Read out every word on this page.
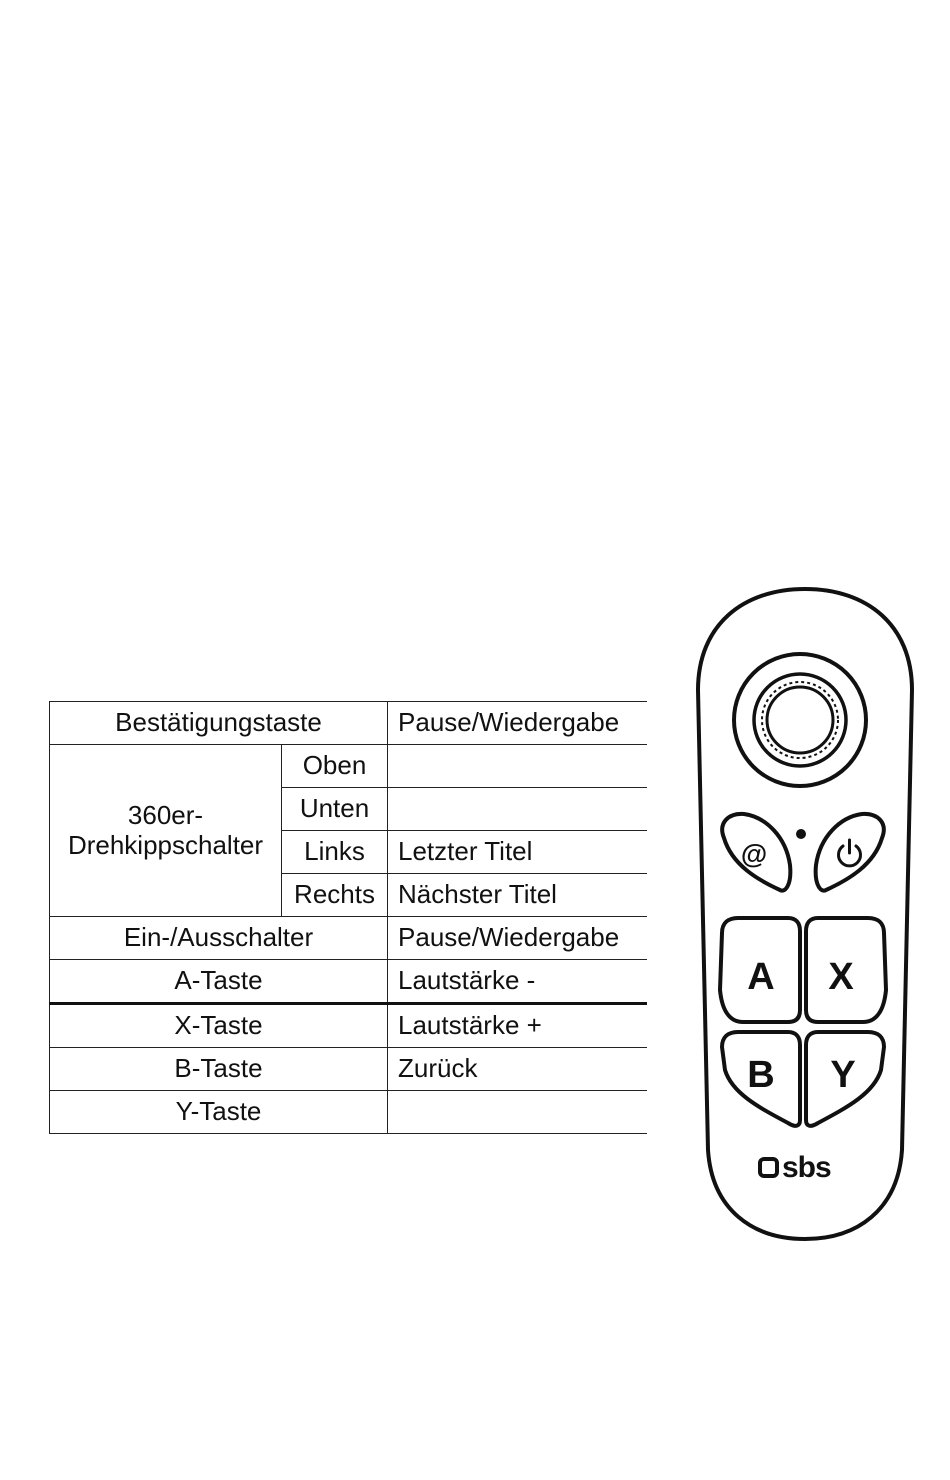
Bestätigungstaste		Pause/Wiedergabe
360er-
Drehkippschalter	Oben	
	Unten	
	Links	Letzter Titel
	Rechts	Nächster Titel
Ein-/Ausschalter		Pause/Wiedergabe
A-Taste		Lautstärke -
X-Taste		Lautstärke +
B-Taste		Zurück
Y-Taste		
@
A X
B Y
sbs
